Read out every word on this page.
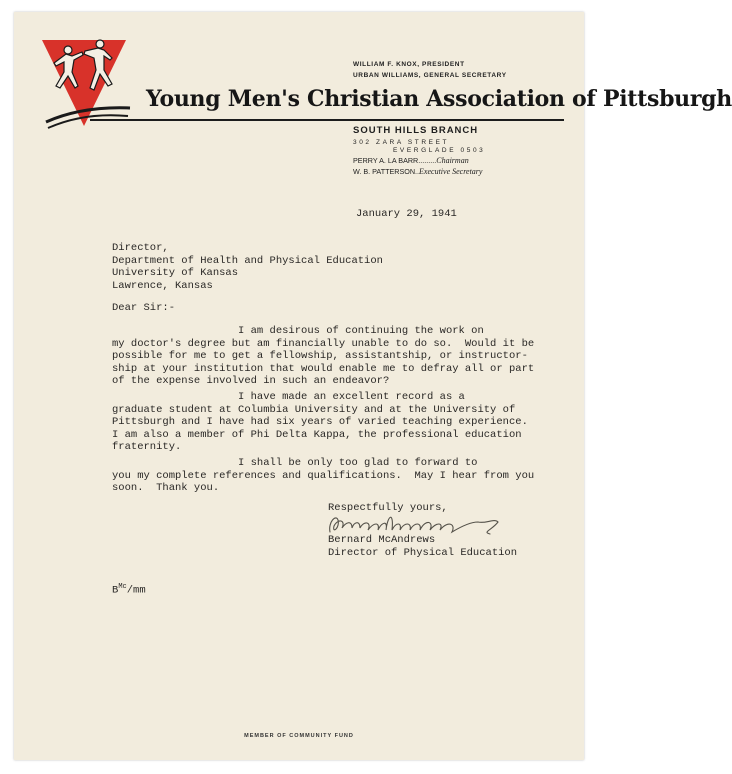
WILLIAM F. KNOX, PRESIDENT
URBAN WILLIAMS, GENERAL SECRETARY
Young Men's Christian Association of Pittsburgh
SOUTH HILLS BRANCH
302 ZARA STREET
EVERGLADE 0503
PERRY A. LA BARR.........Chairman
W. B. PATTERSON..Executive Secretary
January 29, 1941
Director,
Department of Health and Physical Education
University of Kansas
Lawrence, Kansas
Dear Sir:-
I am desirous of continuing the work on
my doctor's degree but am financially unable to do so.  Would it be
possible for me to get a fellowship, assistantship, or instructor-
ship at your institution that would enable me to defray all or part
of the expense involved in such an endeavor?
I have made an excellent record as a
graduate student at Columbia University and at the University of
Pittsburgh and I have had six years of varied teaching experience.
I am also a member of Phi Delta Kappa, the professional education
fraternity.
I shall be only too glad to forward to
you my complete references and qualifications.  May I hear from you
soon.  Thank you.
Respectfully yours,
Bernard McAndrews
Director of Physical Education
$B^{Mc}/mm$
MEMBER OF COMMUNITY FUND
